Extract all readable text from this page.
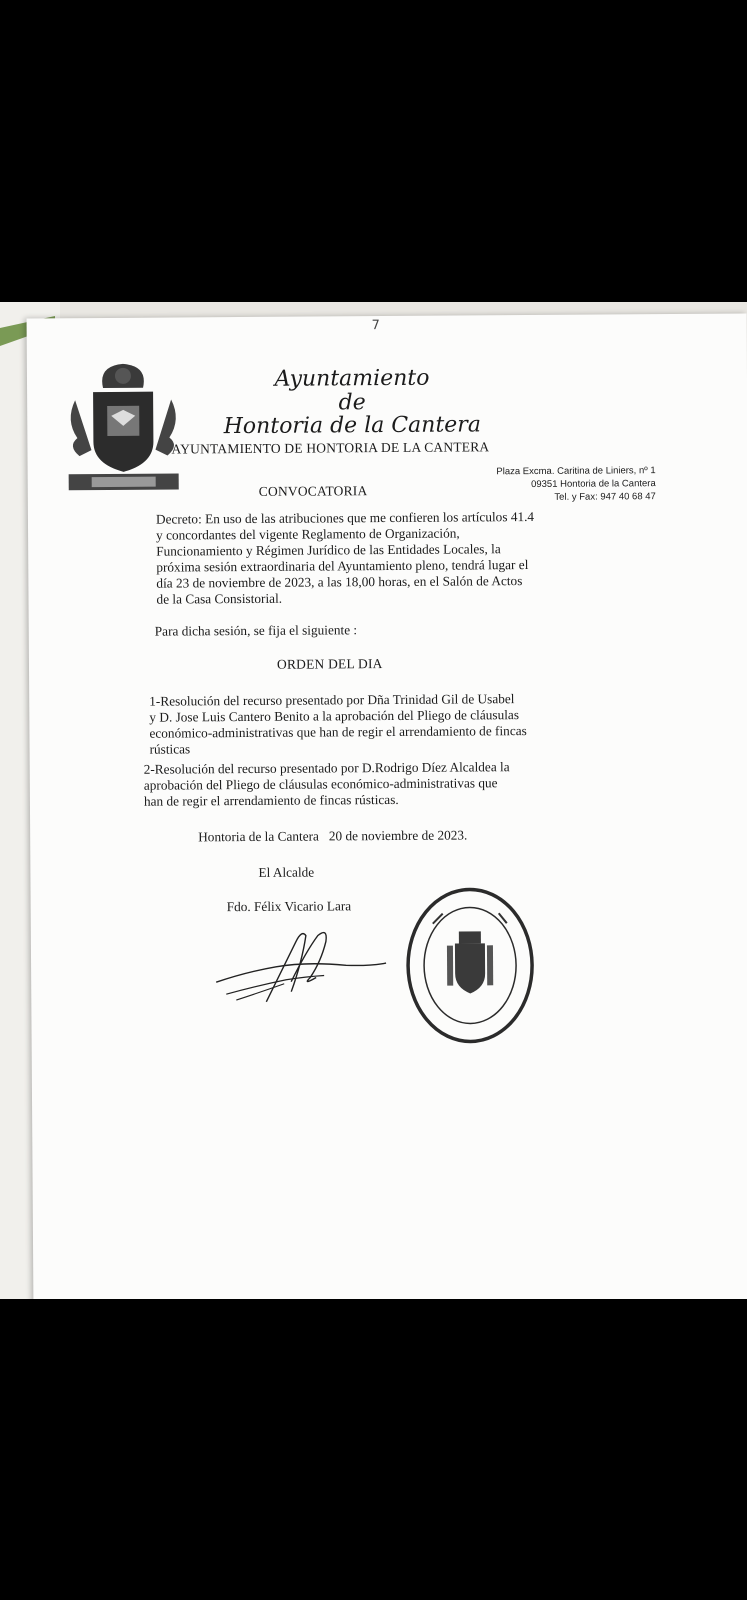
7
Ayuntamiento
de
Hontoria de la Cantera
AYUNTAMIENTO DE HONTORIA DE LA CANTERA
Plaza Excma. Caritina de Liniers, nº 1
09351 Hontoria de la Cantera
Tel. y Fax: 947 40 68 47
CONVOCATORIA
Decreto: En uso de las atribuciones que me confieren los artículos 41.4
y concordantes del vigente Reglamento de Organización,
Funcionamiento y Régimen Jurídico de las Entidades Locales, la
próxima sesión extraordinaria del Ayuntamiento pleno, tendrá lugar el
día 23 de noviembre de 2023, a las 18,00 horas, en el Salón de Actos
de la Casa Consistorial.
Para dicha sesión, se fija el siguiente :
ORDEN DEL DIA
1-Resolución del recurso presentado por Dña Trinidad Gil de Usabel
y D. Jose Luis Cantero Benito a la aprobación del Pliego de cláusulas
económico-administrativas que han de regir el arrendamiento de fincas
rústicas
2-Resolución del recurso presentado por D.Rodrigo Díez Alcaldea la
aprobación del Pliego de cláusulas económico-administrativas que
han de regir el arrendamiento de fincas rústicas.
Hontoria de la Cantera   20 de noviembre de 2023.
El Alcalde
Fdo. Félix Vicario Lara
